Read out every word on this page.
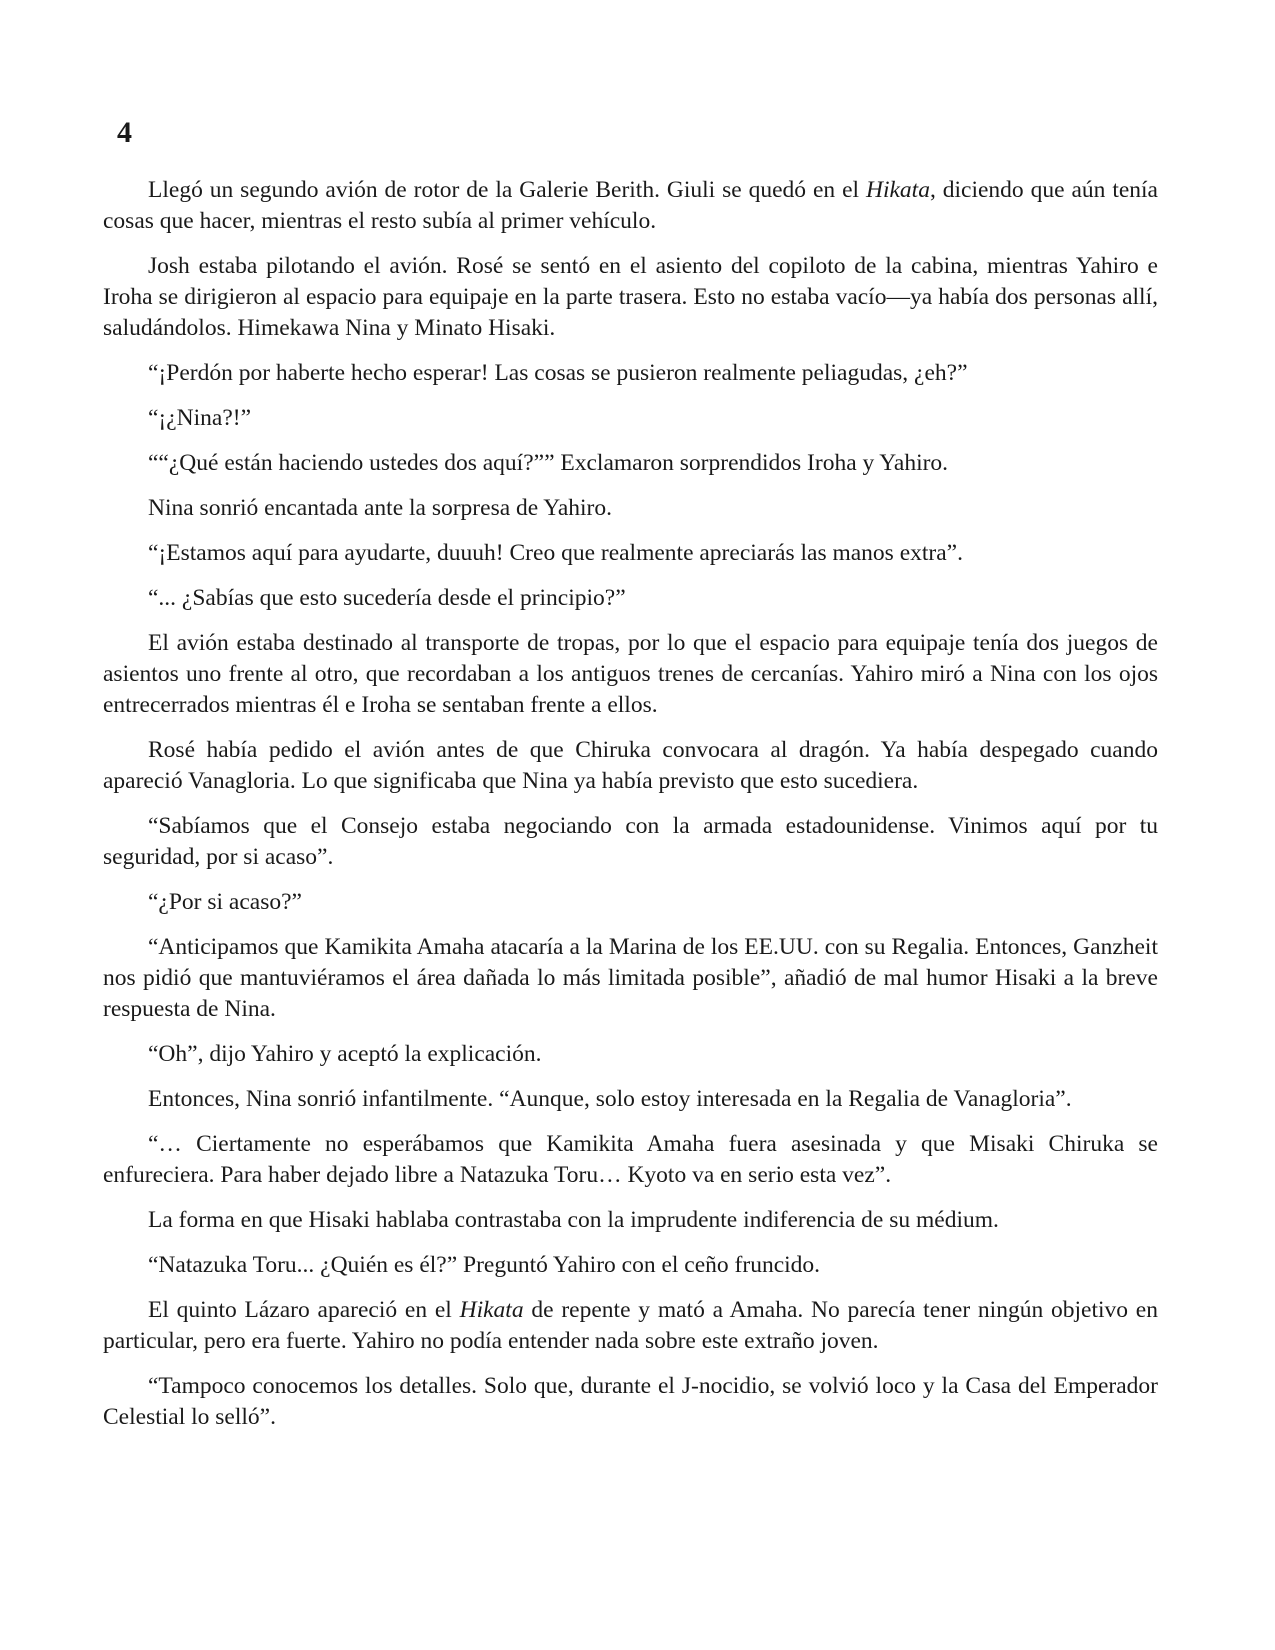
4

Llegó un segundo avión de rotor de la Galerie Berith. Giuli se quedó en el Hikata, diciendo que aún tenía cosas que hacer, mientras el resto subía al primer vehículo.

Josh estaba pilotando el avión. Rosé se sentó en el asiento del copiloto de la cabina, mientras Yahiro e Iroha se dirigieron al espacio para equipaje en la parte trasera. Esto no estaba vacío—ya había dos personas allí, saludándolos. Himekawa Nina y Minato Hisaki.

“¡Perdón por haberte hecho esperar! Las cosas se pusieron realmente peliagudas, ¿eh?”

“¡¿Nina?!”

““¿Qué están haciendo ustedes dos aquí?”” Exclamaron sorprendidos Iroha y Yahiro.

Nina sonrió encantada ante la sorpresa de Yahiro.

“¡Estamos aquí para ayudarte, duuuh! Creo que realmente apreciarás las manos extra”.

“... ¿Sabías que esto sucedería desde el principio?”

El avión estaba destinado al transporte de tropas, por lo que el espacio para equipaje tenía dos juegos de asientos uno frente al otro, que recordaban a los antiguos trenes de cercanías. Yahiro miró a Nina con los ojos entrecerrados mientras él e Iroha se sentaban frente a ellos.

Rosé había pedido el avión antes de que Chiruka convocara al dragón. Ya había despegado cuando apareció Vanagloria. Lo que significaba que Nina ya había previsto que esto sucediera.

“Sabíamos que el Consejo estaba negociando con la armada estadounidense. Vinimos aquí por tu seguridad, por si acaso”.

“¿Por si acaso?”

“Anticipamos que Kamikita Amaha atacaría a la Marina de los EE.UU. con su Regalia. Entonces, Ganzheit nos pidió que mantuviéramos el área dañada lo más limitada posible”, añadió de mal humor Hisaki a la breve respuesta de Nina.

“Oh”, dijo Yahiro y aceptó la explicación.

Entonces, Nina sonrió infantilmente. “Aunque, solo estoy interesada en la Regalia de Vanagloria”.

“… Ciertamente no esperábamos que Kamikita Amaha fuera asesinada y que Misaki Chiruka se enfureciera. Para haber dejado libre a Natazuka Toru… Kyoto va en serio esta vez”.

La forma en que Hisaki hablaba contrastaba con la imprudente indiferencia de su médium.

“Natazuka Toru... ¿Quién es él?” Preguntó Yahiro con el ceño fruncido.

El quinto Lázaro apareció en el Hikata de repente y mató a Amaha. No parecía tener ningún objetivo en particular, pero era fuerte. Yahiro no podía entender nada sobre este extraño joven.

“Tampoco conocemos los detalles. Solo que, durante el J-nocidio, se volvió loco y la Casa del Emperador Celestial lo selló”.
